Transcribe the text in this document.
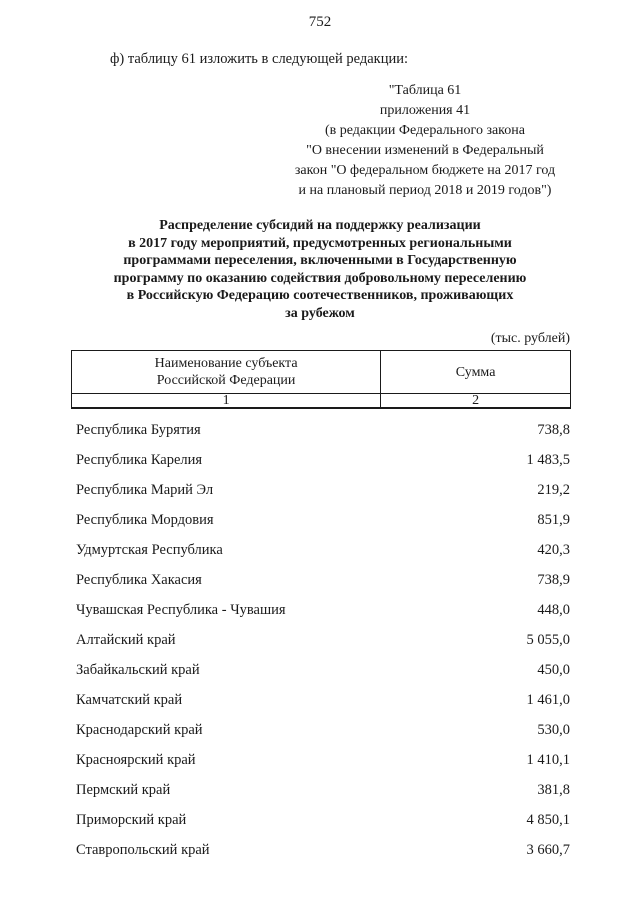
752
ф) таблицу 61 изложить в следующей редакции:
"Таблица 61
приложения 41
(в редакции Федерального закона
"О внесении изменений в Федеральный
закон "О федеральном бюджете на 2017 год
и на плановый период 2018 и 2019 годов")
Распределение субсидий на поддержку реализации
в 2017 году мероприятий, предусмотренных региональными
программами переселения, включенными в Государственную
программу по оказанию содействия добровольному переселению
в Российскую Федерацию соотечественников, проживающих
за рубежом
(тыс. рублей)
Наименование субъекта
Российской Федерации	Сумма
1	2
Республика Бурятия	738,8
Республика Карелия	1 483,5
Республика Марий Эл	219,2
Республика Мордовия	851,9
Удмуртская Республика	420,3
Республика Хакасия	738,9
Чувашская Республика - Чувашия	448,0
Алтайский край	5 055,0
Забайкальский край	450,0
Камчатский край	1 461,0
Краснодарский край	530,0
Красноярский край	1 410,1
Пермский край	381,8
Приморский край	4 850,1
Ставропольский край	3 660,7
